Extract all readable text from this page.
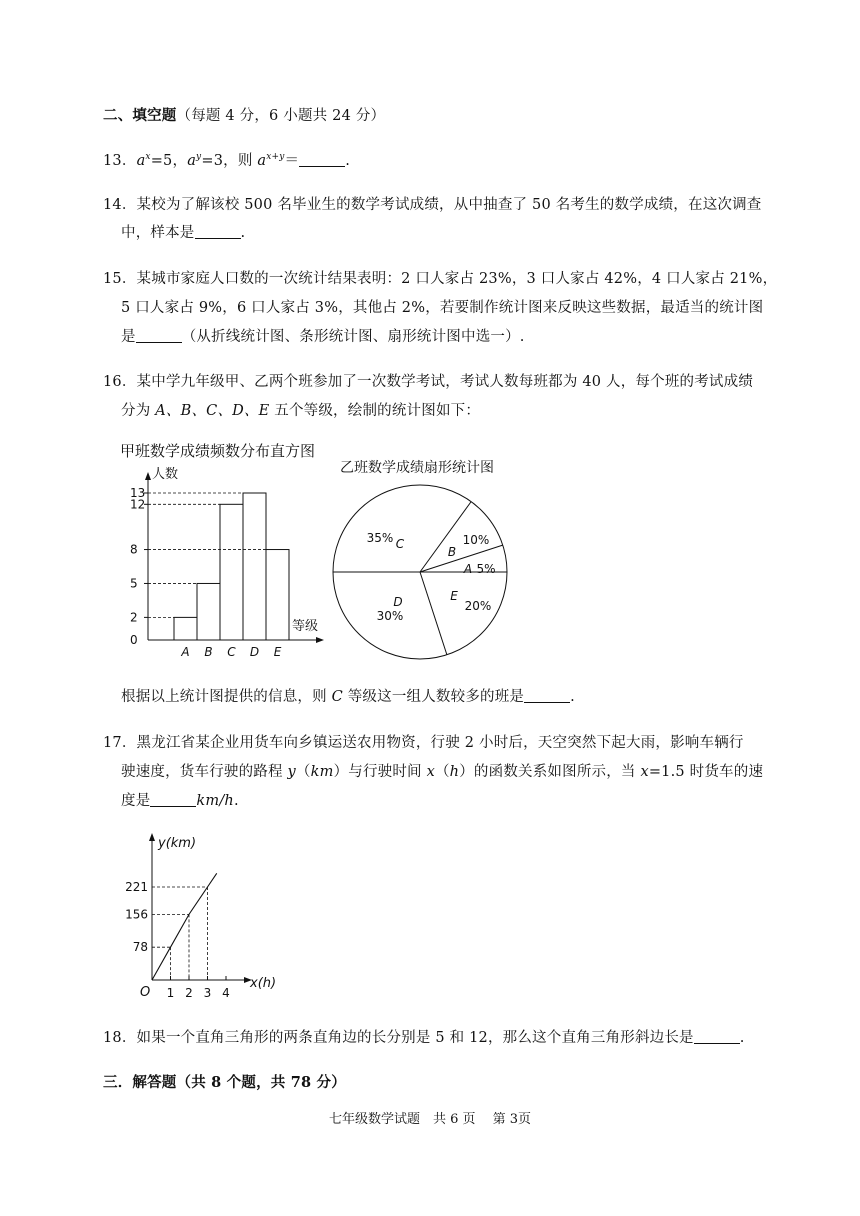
二、填空题（每题 4 分，6 小题共 24 分）
13．$a^x=5$，$a^y=3$，则 $a^{x+y}=$	.
14．某校为了解该校 500 名毕业生的数学考试成绩，从中抽查了 50 名考生的数学成绩，在这次调查
中，样本是	.
15．某城市家庭人口数的一次统计结果表明：2 口人家占 23%，3 口人家占 42%，4 口人家占 21%，
5 口人家占 9%，6 口人家占 3%，其他占 2%，若要制作统计图来反映这些数据，最适当的统计图
是	（从折线统计图、条形统计图、扇形统计图中选一）.
16．某中学九年级甲、乙两个班参加了一次数学考试，考试人数每班都为 40 人，每个班的考试成绩
分为 A、B、C、D、E 五个等级，绘制的统计图如下：
甲班数学成绩频数分布直方图
人数
等级
0
2
5
8
12
13
A B C D E
乙班数学成绩扇形统计图
35% C	10%
B
5%
A
20%
E
30%
D
根据以上统计图提供的信息，则 C 等级这一组人数较多的班是	.
17．黑龙江省某企业用货车向乡镇运送农用物资，行驶 2 小时后，天空突然下起大雨，影响车辆行
驶速度，货车行驶的路程 y（km）与行驶时间 x（h）的函数关系如图所示，当 x=1.5 时货车的速
度是	km/h.
y(km)
x(h)
O 1 2 3 4
78
156
221
18．如果一个直角三角形的两条直角边的长分别是 5 和 12，那么这个直角三角形斜边长是	.
三．解答题（共 8 个题，共 78 分）
七年级数学试题　共 6 页　 第 3页
